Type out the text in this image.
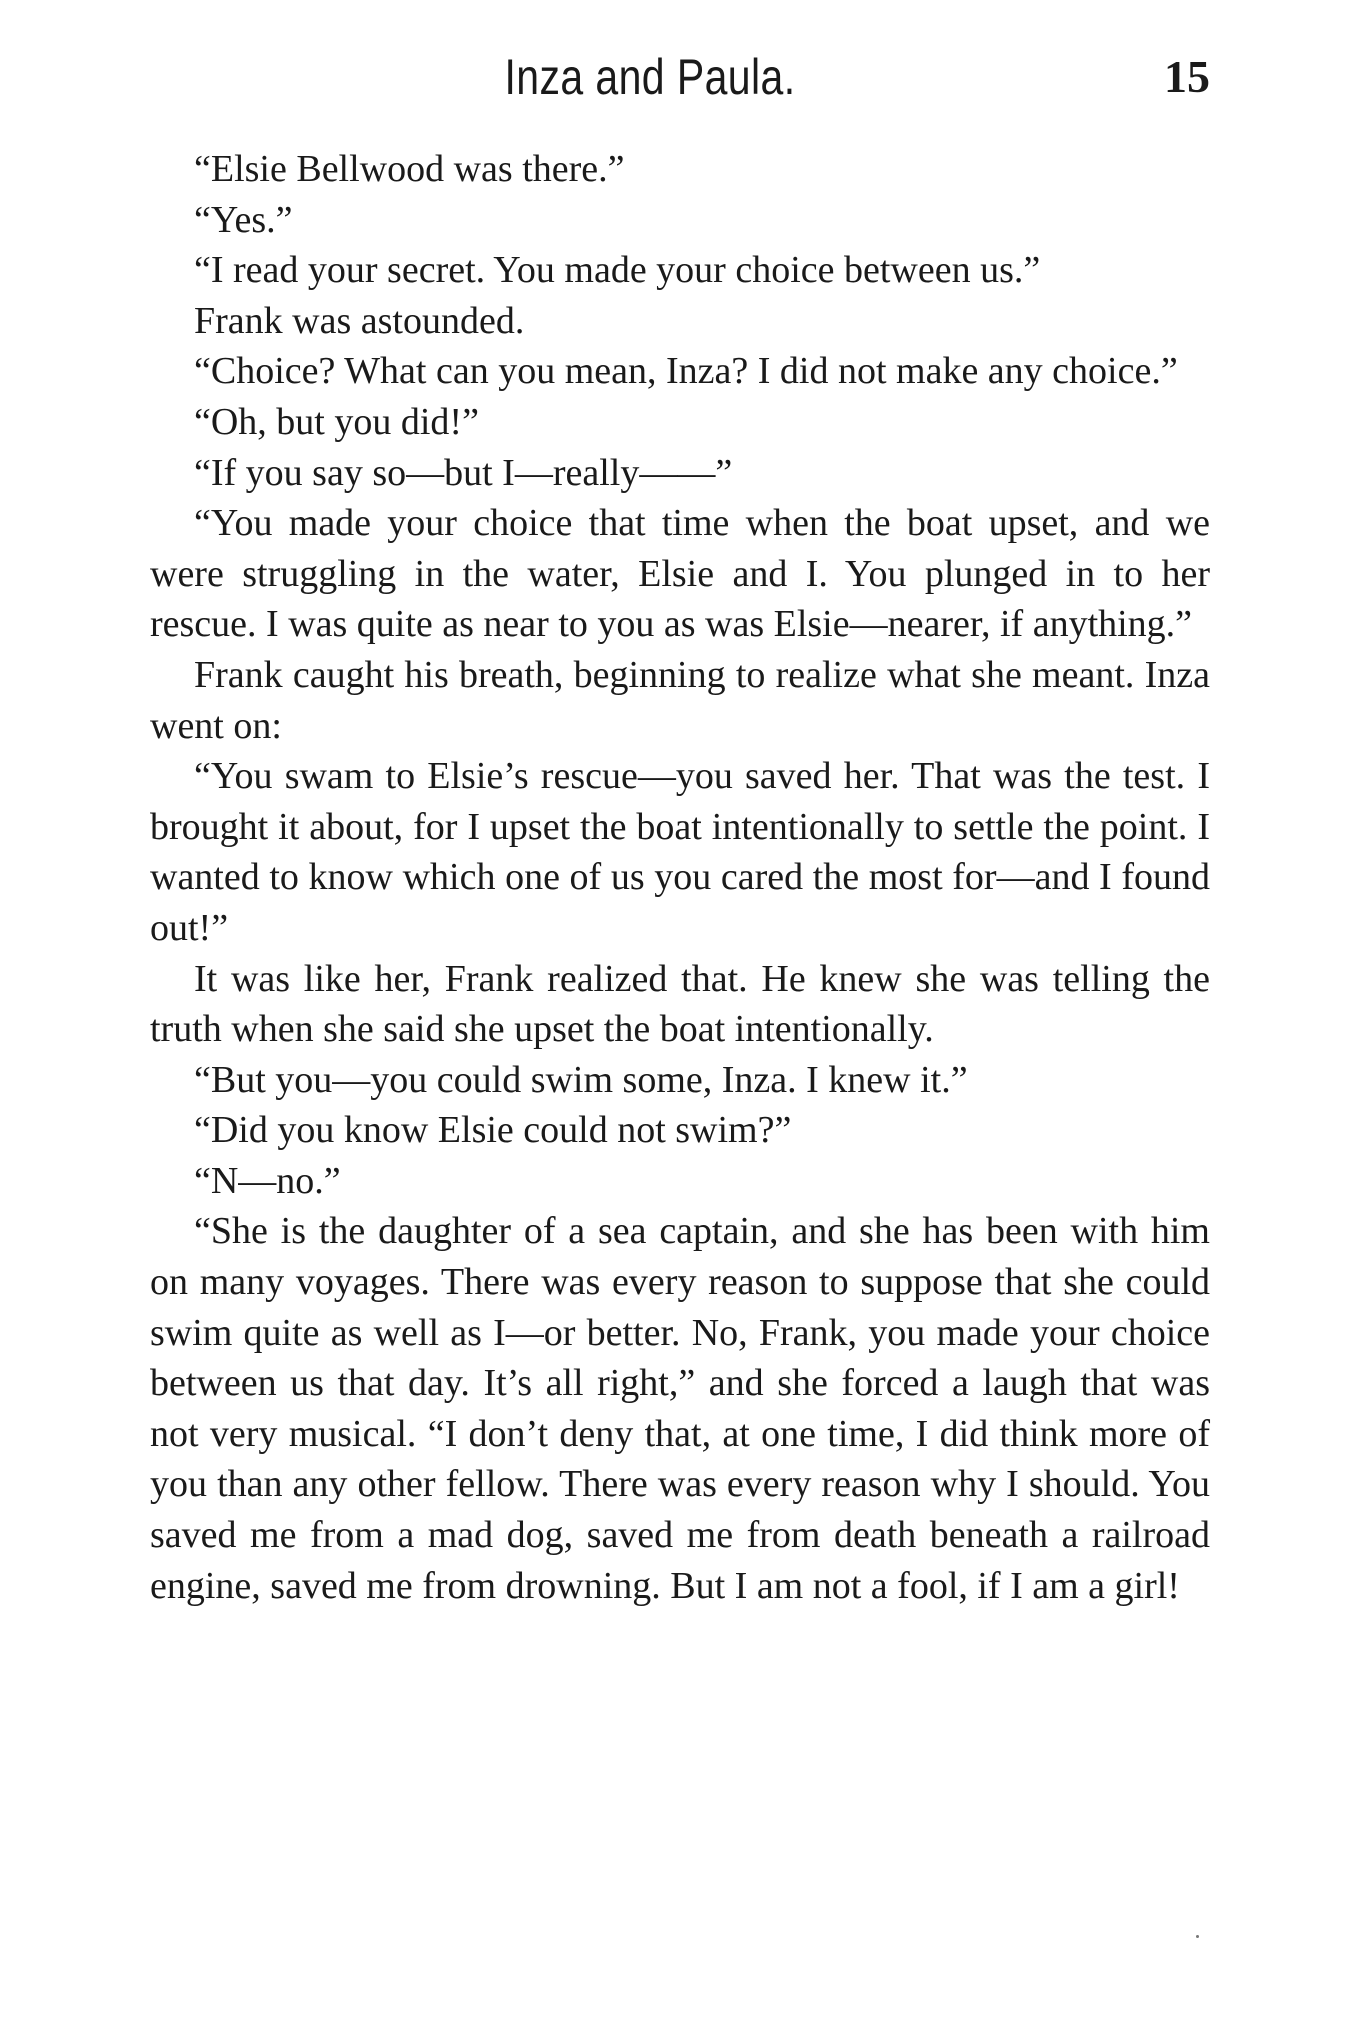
Inza and Paula.	15

“Elsie Bellwood was there.”

“Yes.”

“I read your secret. You made your choice between us.”

Frank was astounded.

“Choice? What can you mean, Inza? I did not make any choice.”

“Oh, but you did!”

“If you say so—but I—really——”

“You made your choice that time when the boat upset, and we were struggling in the water, Elsie and I. You plunged in to her rescue. I was quite as near to you as was Elsie—nearer, if anything.”

Frank caught his breath, beginning to realize what she meant. Inza went on:

“You swam to Elsie’s rescue—you saved her. That was the test. I brought it about, for I upset the boat intentionally to settle the point. I wanted to know which one of us you cared the most for—and I found out!”

It was like her, Frank realized that. He knew she was telling the truth when she said she upset the boat intentionally.

“But you—you could swim some, Inza. I knew it.”

“Did you know Elsie could not swim?”

“N—no.”

“She is the daughter of a sea captain, and she has been with him on many voyages. There was every reason to suppose that she could swim quite as well as I—or better. No, Frank, you made your choice between us that day. It’s all right,” and she forced a laugh that was not very musical. “I don’t deny that, at one time, I did think more of you than any other fellow. There was every reason why I should. You saved me from a mad dog, saved me from death beneath a railroad engine, saved me from drowning. But I am not a fool, if I am a girl!
